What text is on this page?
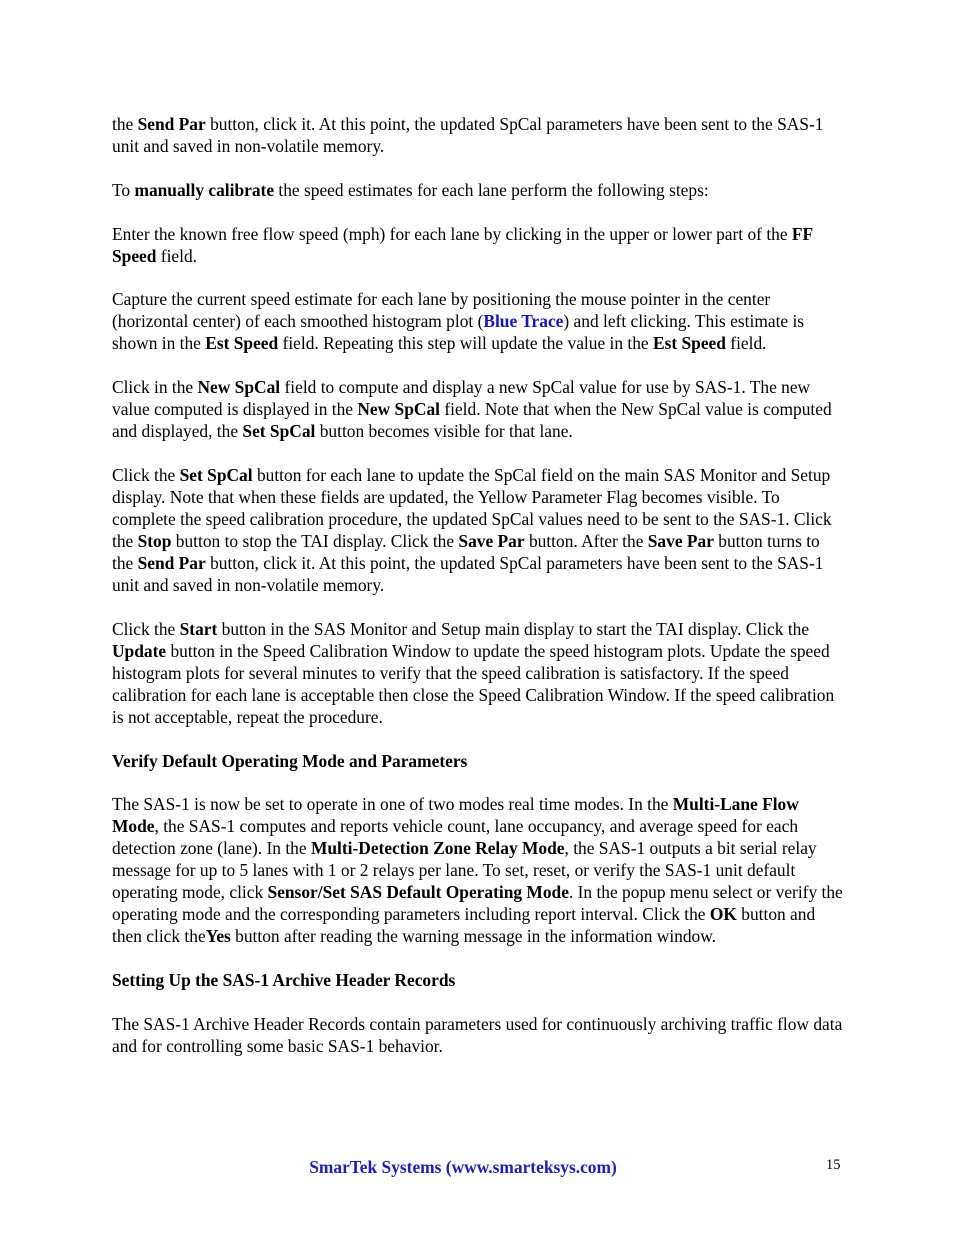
the Send Par button, click it. At this point, the updated SpCal parameters have been sent to the SAS-1 unit and saved in non-volatile memory.

To manually calibrate the speed estimates for each lane perform the following steps:

Enter the known free flow speed (mph) for each lane by clicking in the upper or lower part of the FF Speed field.

Capture the current speed estimate for each lane by positioning the mouse pointer in the center (horizontal center) of each smoothed histogram plot (Blue Trace) and left clicking. This estimate is shown in the Est Speed field. Repeating this step will update the value in the Est Speed field.

Click in the New SpCal field to compute and display a new SpCal value for use by SAS-1. The new value computed is displayed in the New SpCal field. Note that when the New SpCal value is computed and displayed, the Set SpCal button becomes visible for that lane.

Click the Set SpCal button for each lane to update the SpCal field on the main SAS Monitor and Setup display. Note that when these fields are updated, the Yellow Parameter Flag becomes visible. To complete the speed calibration procedure, the updated SpCal values need to be sent to the SAS-1. Click the Stop button to stop the TAI display. Click the Save Par button. After the Save Par button turns to the Send Par button, click it. At this point, the updated SpCal parameters have been sent to the SAS-1 unit and saved in non-volatile memory.

Click the Start button in the SAS Monitor and Setup main display to start the TAI display. Click the Update button in the Speed Calibration Window to update the speed histogram plots. Update the speed histogram plots for several minutes to verify that the speed calibration is satisfactory. If the speed calibration for each lane is acceptable then close the Speed Calibration Window. If the speed calibration is not acceptable, repeat the procedure.

Verify Default Operating Mode and Parameters

The SAS-1 is now be set to operate in one of two modes real time modes. In the Multi-Lane Flow Mode, the SAS-1 computes and reports vehicle count, lane occupancy, and average speed for each detection zone (lane). In the Multi-Detection Zone Relay Mode, the SAS-1 outputs a bit serial relay message for up to 5 lanes with 1 or 2 relays per lane. To set, reset, or verify the SAS-1 unit default operating mode, click Sensor/Set SAS Default Operating Mode. In the popup menu select or verify the operating mode and the corresponding parameters including report interval. Click the OK button and then click theYes button after reading the warning message in the information window.

Setting Up the SAS-1 Archive Header Records

The SAS-1 Archive Header Records contain parameters used for continuously archiving traffic flow data and for controlling some basic SAS-1 behavior.

SmarTek Systems (www.smarteksys.com)	15
